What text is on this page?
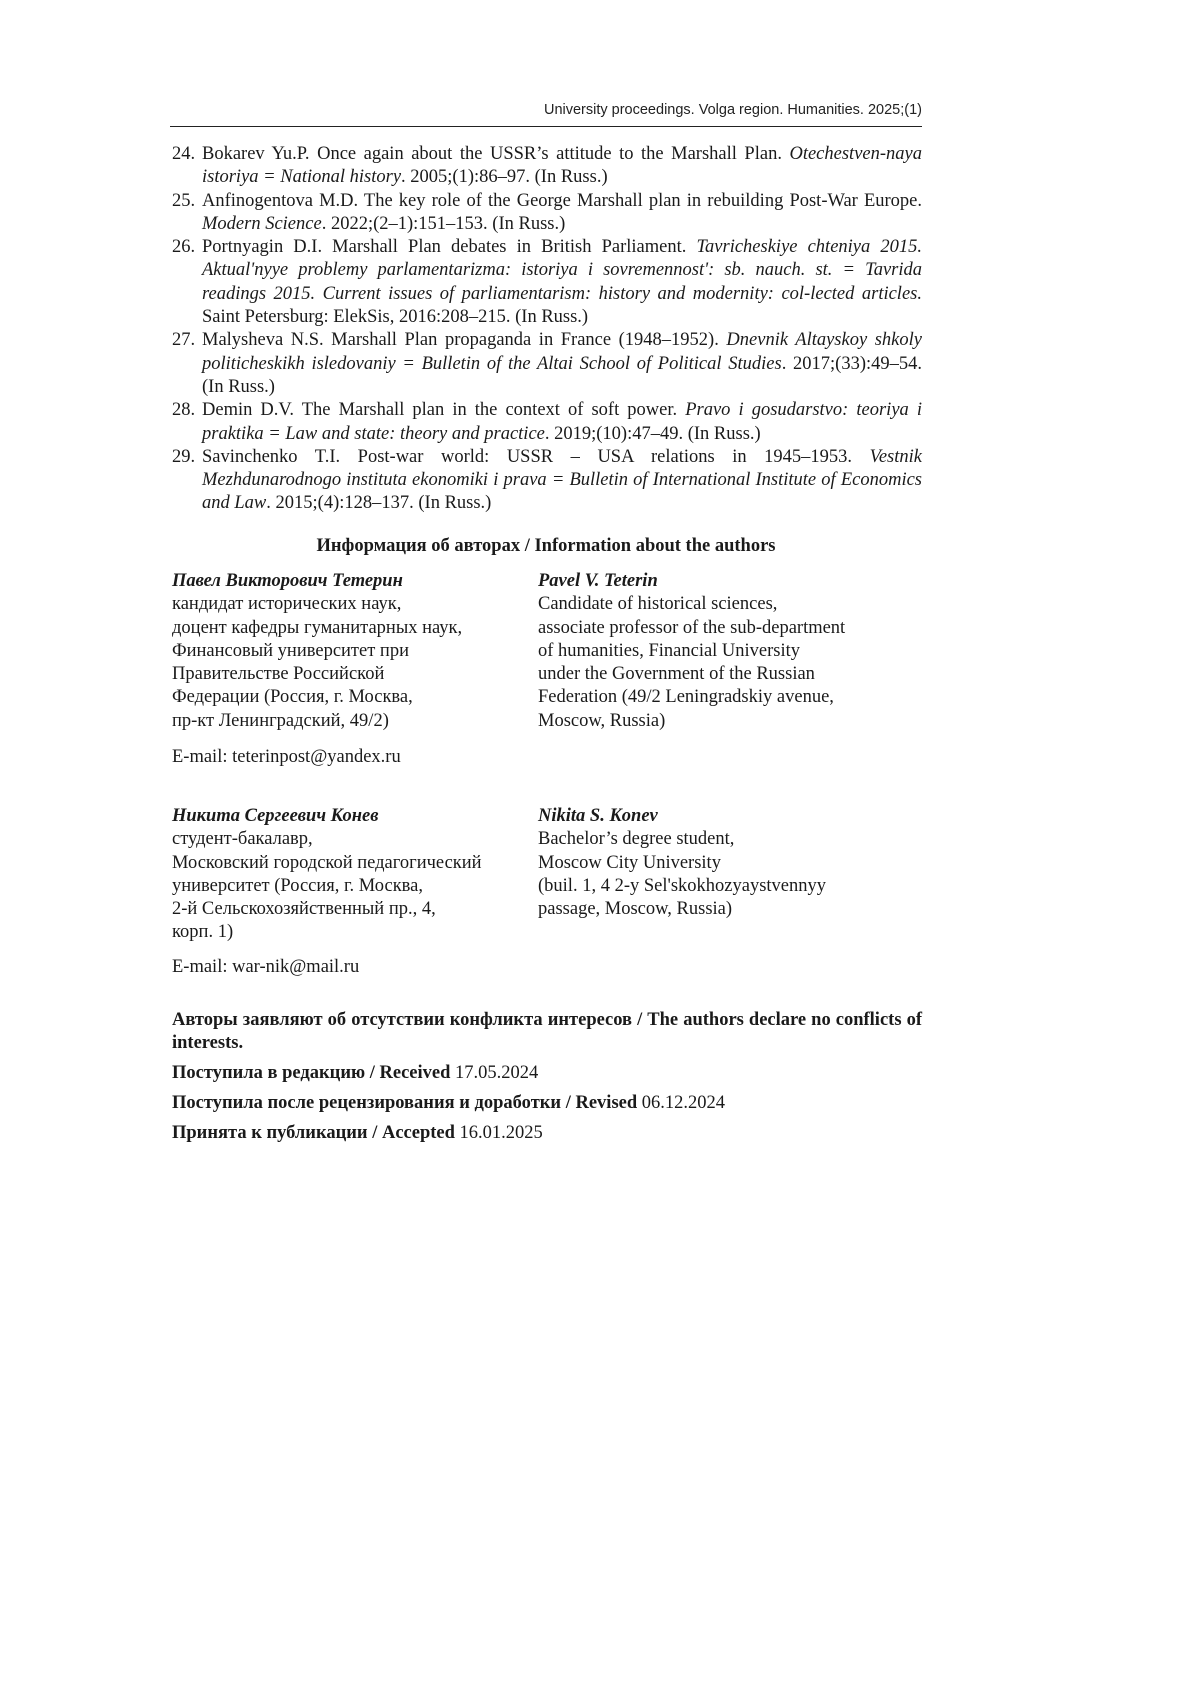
University proceedings. Volga region. Humanities. 2025;(1)
24. Bokarev Yu.P. Once again about the USSR’s attitude to the Marshall Plan. Otechestven-naya istoriya = National history. 2005;(1):86–97. (In Russ.)
25. Anfinogentova M.D. The key role of the George Marshall plan in rebuilding Post-War Europe. Modern Science. 2022;(2–1):151–153. (In Russ.)
26. Portnyagin D.I. Marshall Plan debates in British Parliament. Tavricheskiye chteniya 2015. Aktual'nyye problemy parlamentarizma: istoriya i sovremennost': sb. nauch. st. = Tavrida readings 2015. Current issues of parliamentarism: history and modernity: col-lected articles. Saint Petersburg: ElekSis, 2016:208–215. (In Russ.)
27. Malysheva N.S. Marshall Plan propaganda in France (1948–1952). Dnevnik Altayskoy shkoly politicheskikh isledovaniy = Bulletin of the Altai School of Political Studies. 2017;(33):49–54. (In Russ.)
28. Demin D.V. The Marshall plan in the context of soft power. Pravo i gosudarstvo: teoriya i praktika = Law and state: theory and practice. 2019;(10):47–49. (In Russ.)
29. Savinchenko T.I. Post-war world: USSR – USA relations in 1945–1953. Vestnik Mezhdunarodnogo instituta ekonomiki i prava = Bulletin of International Institute of Economics and Law. 2015;(4):128–137. (In Russ.)
Информация об авторах / Information about the authors
Павел Викторович Тетерин
кандидат исторических наук,
доцент кафедры гуманитарных наук,
Финансовый университет при
Правительстве Российской
Федерации (Россия, г. Москва,
пр-кт Ленинградский, 49/2)
Pavel V. Teterin
Candidate of historical sciences,
associate professor of the sub-department
of humanities, Financial University
under the Government of the Russian
Federation (49/2 Leningradskiy avenue,
Moscow, Russia)
E-mail: teterinpost@yandex.ru
Никита Сергеевич Конев
студент-бакалавр,
Московский городской педагогический
университет (Россия, г. Москва,
2-й Сельскохозяйственный пр., 4,
корп. 1)
Nikita S. Konev
Bachelor’s degree student,
Moscow City University
(buil. 1, 4 2-y Sel'skokhozyaystvennyy
passage, Moscow, Russia)
E-mail: war-nik@mail.ru
Авторы заявляют об отсутствии конфликта интересов / The authors declare no conflicts of interests.
Поступила в редакцию / Received 17.05.2024
Поступила после рецензирования и доработки / Revised 06.12.2024
Принята к публикации / Accepted 16.01.2025
